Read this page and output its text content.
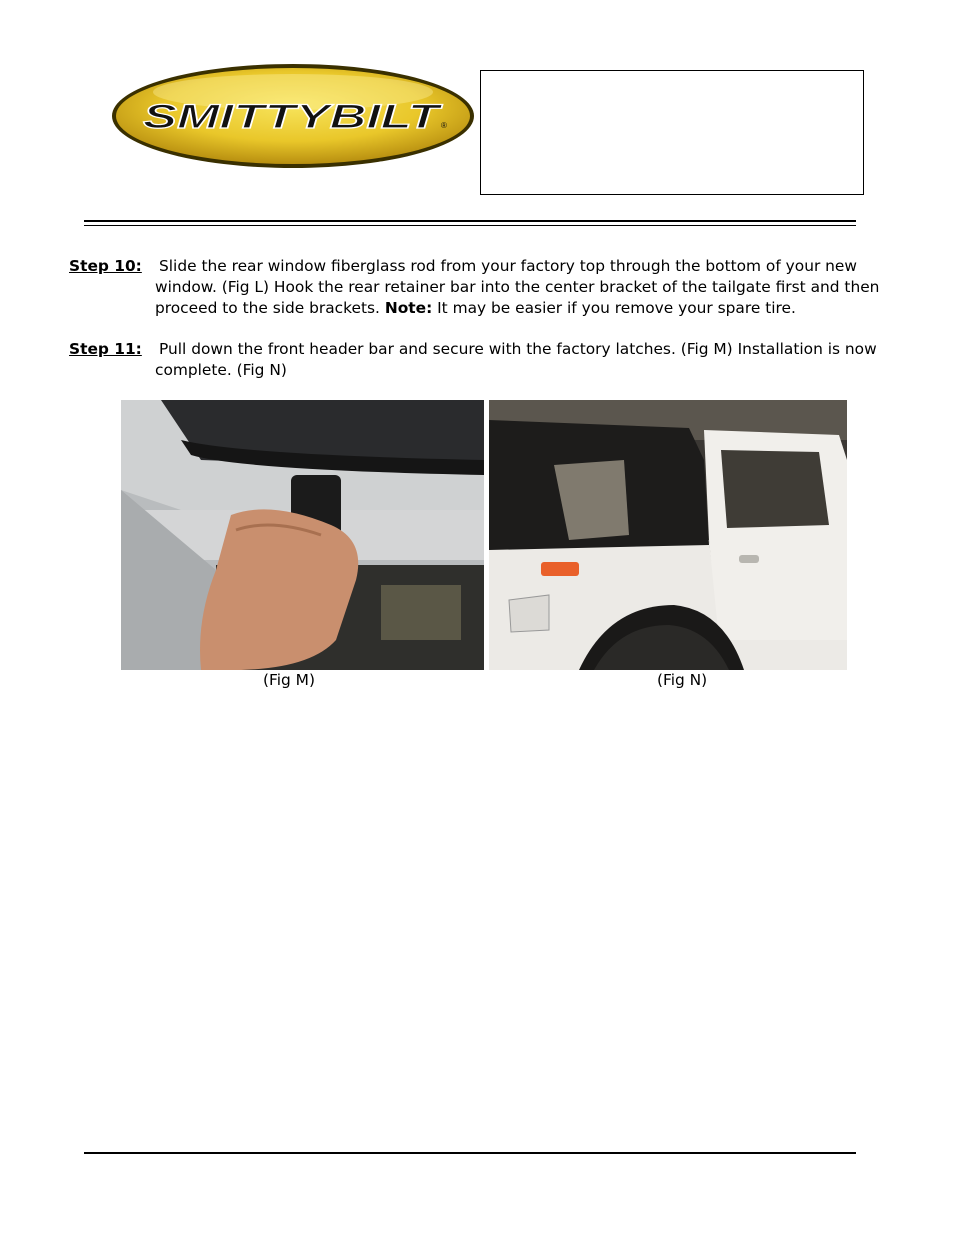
SMITTYBILT
®
Step 10: Slide the rear window fiberglass rod from your factory top through the bottom of your new window. (Fig L) Hook the rear retainer bar into the center bracket of the tailgate first and then proceed to the side brackets. Note: It may be easier if you remove your spare tire.
Step 11: Pull down the front header bar and secure with the factory latches. (Fig M) Installation is now complete. (Fig N)
(Fig M)	(Fig N)
